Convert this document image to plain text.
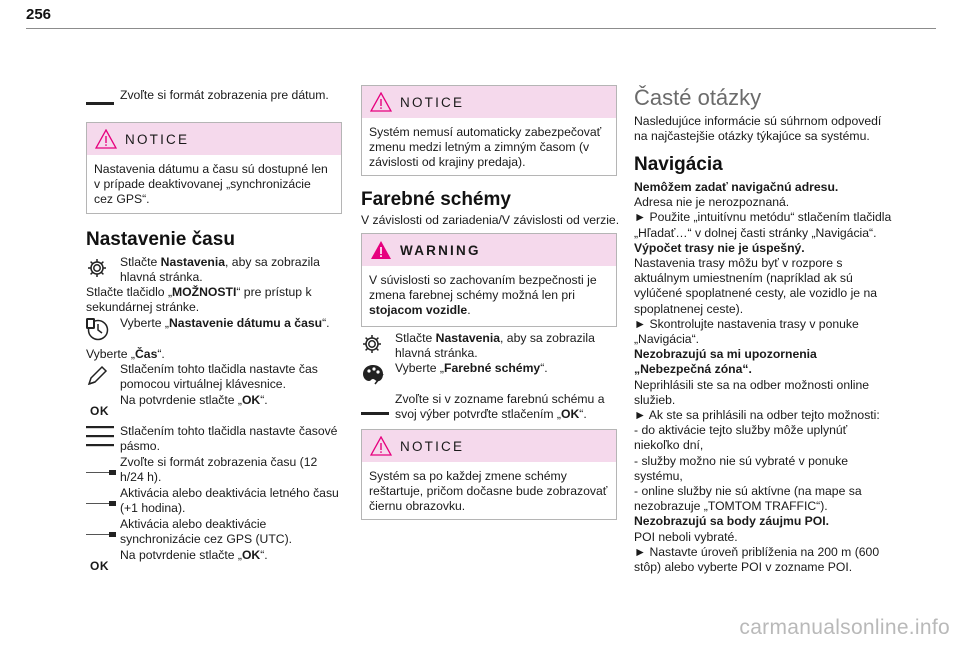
256
Zvoľte si formát zobrazenia pre dátum.
NOTICE
Nastavenia dátumu a času sú dostupné len v prípade deaktivovanej „synchronizácie cez GPS“.
Nastavenie času
Stlačte Nastavenia, aby sa zobrazila hlavná stránka.
Stlačte tlačidlo „MOŽNOSTI“ pre prístup k sekundárnej stránke.
Vyberte „Nastavenie dátumu a času“.
Vyberte „Čas“.
Stlačením tohto tlačidla nastavte čas pomocou virtuálnej klávesnice.
OK
Na potvrdenie stlačte „OK“.
Stlačením tohto tlačidla nastavte časové pásmo.
Zvoľte si formát zobrazenia času (12 h/24 h).
Aktivácia alebo deaktivácia letného času (+1 hodina).
Aktivácia alebo deaktivácie synchronizácie cez GPS (UTC).
OK
Na potvrdenie stlačte „OK“.
NOTICE
Systém nemusí automaticky zabezpečovať zmenu medzi letným a zimným časom (v závislosti od krajiny predaja).
Farebné schémy
V závislosti od zariadenia/V závislosti od verzie.
WARNING
V súvislosti so zachovaním bezpečnosti je zmena farebnej schémy možná len pri stojacom vozidle.
Stlačte Nastavenia, aby sa zobrazila hlavná stránka.
Vyberte „Farebné schémy“.
Zvoľte si v zozname farebnú schému a svoj výber potvrďte stlačením „OK“.
NOTICE
Systém sa po každej zmene schémy reštartuje, pričom dočasne bude zobrazovať čiernu obrazovku.
Časté otázky
Nasledujúce informácie sú súhrnom odpovedí na najčastejšie otázky týkajúce sa systému.
Navigácia
Nemôžem zadať navigačnú adresu.
Adresa nie je nerozpoznaná.
► Použite „intuitívnu metódu“ stlačením tlačidla „Hľadať…“ v dolnej časti stránky „Navigácia“.
Výpočet trasy nie je úspešný.
Nastavenia trasy môžu byť v rozpore s aktuálnym umiestnením (napríklad ak sú vylúčené spoplatnené cesty, ale vozidlo je na spoplatnenej ceste).
► Skontrolujte nastavenia trasy v ponuke „Navigácia“.
Nezobrazujú sa mi upozornenia „Nebezpečná zóna“.
Neprihlásili ste sa na odber možnosti online služieb.
► Ak ste sa prihlásili na odber tejto možnosti:
- do aktivácie tejto služby môže uplynúť niekoľko dní,
- služby možno nie sú vybraté v ponuke systému,
- online služby nie sú aktívne (na mape sa nezobrazuje „TOMTOM TRAFFIC“).
Nezobrazujú sa body záujmu POI.
POI neboli vybraté.
► Nastavte úroveň priblíženia na 200 m (600 stôp) alebo vyberte POI v zozname POI.
carmanualsonline.info
